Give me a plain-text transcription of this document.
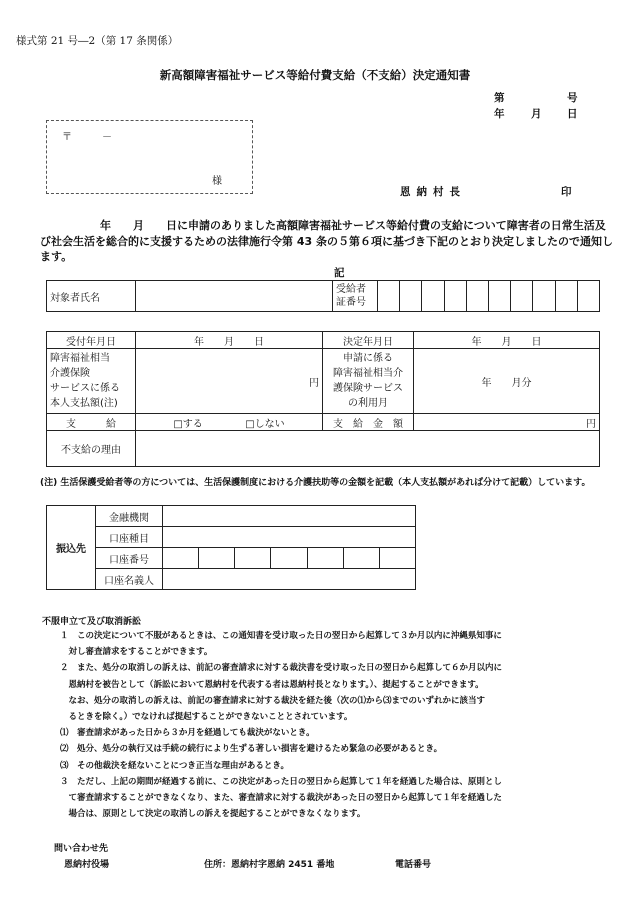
様式第 21 号―2（第 17 条関係）
新高額障害福祉サービス等給付費支給（不支給）決定通知書
第	号
年	月 日
〒　　　－
様
恩納村長	印
年　　月　　日に申請のありました高額障害福祉サービス等給付費の支給について障害者の日常生活及び社会生活を総合的に支援するための法律施行令第 43 条の５第６項に基づき下記のとおり決定しましたので通知します。
記
対象者氏名		受給者
証番号										
受付年月日	年　　月　　日	決定年月日	年　　月　　日
障害福祉相当
介護保険
サービスに係る
本人支払額(注)	円	申請に係る
障害福祉相当介
護保険サービス
の利用月	年　　月分
支　　　給	□する □しない	支　給　金　額	円
不支給の理由			
(注) 生活保護受給者等の方については、生活保護制度における介護扶助等の金額を記載（本人支払額があれば分けて記載）しています。
振込先	金融機関							
	口座種目							
	口座番号							
	口座名義人							
不服申立て及び取消訴訟

１　この決定について不服があるときは、この通知書を受け取った日の翌日から起算して３か月以内に沖縄県知事に

　対し審査請求をすることができます。

２　また、処分の取消しの訴えは、前記の審査請求に対する裁決書を受け取った日の翌日から起算して６か月以内に

　恩納村を被告として（訴訟において恩納村を代表する者は恩納村長となります。）、提起することができます。

　なお、処分の取消しの訴えは、前記の審査請求に対する裁決を経た後（次の⑴から⑶までのいずれかに該当す

　るときを除く。）でなければ提起することができないこととされています。

⑴　審査請求があった日から３か月を経過しても裁決がないとき。

⑵　処分、処分の執行又は手続の続行により生ずる著しい損害を避けるため緊急の必要があるとき。

⑶　その他裁決を経ないことにつき正当な理由があるとき。

３　ただし、上記の期間が経過する前に、この決定があった日の翌日から起算して１年を経過した場合は、原則とし

　て審査請求することができなくなり、また、審査請求に対する裁決があった日の翌日から起算して１年を経過した

　場合は、原則として決定の取消しの訴えを提起することができなくなります。

問い合わせ先
恩納村役場	住所：恩納村字恩納 2451 番地	電話番号
